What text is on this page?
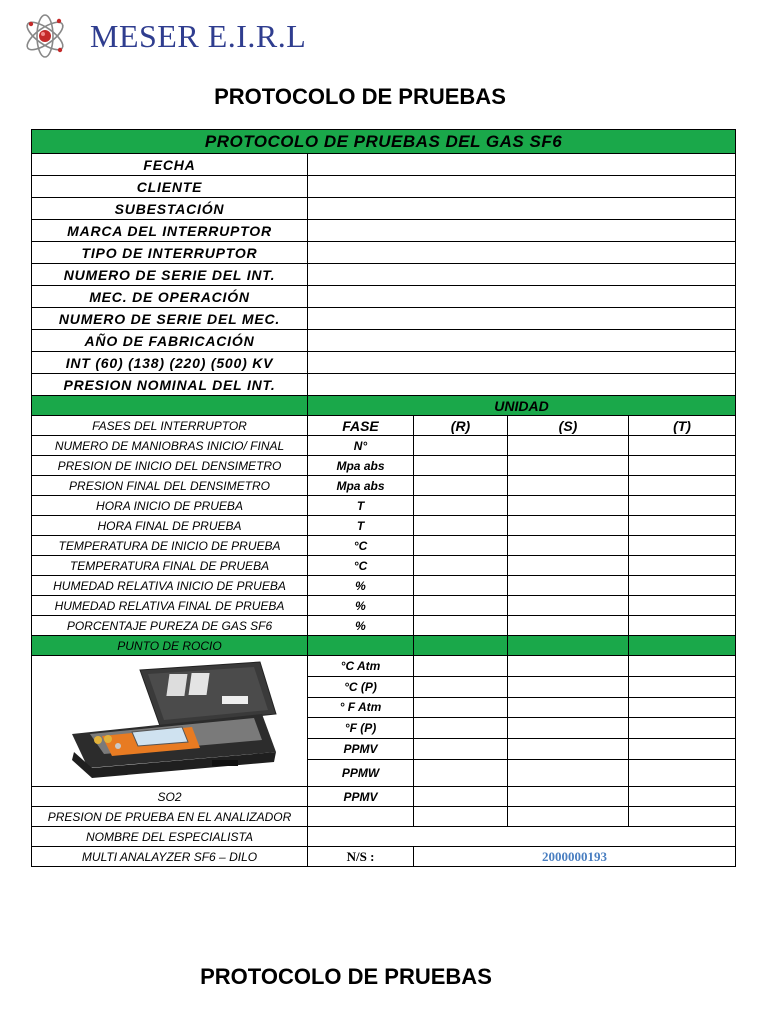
MESER E.I.R.L
PROTOCOLO DE PRUEBAS
PROTOCOLO DE PRUEBAS DEL GAS SF6				
FECHA				
CLIENTE				
SUBESTACIÓN				
MARCA DEL INTERRUPTOR				
TIPO DE INTERRUPTOR				
NUMERO DE SERIE DEL INT.				
MEC. DE OPERACIÓN				
NUMERO DE SERIE DEL MEC.				
AÑO DE FABRICACIÓN				
INT (60) (138) (220) (500) KV				
PRESION NOMINAL DEL INT.				
	UNIDAD			
FASES DEL INTERRUPTOR	FASE	(R)	(S)	(T)
NUMERO DE MANIOBRAS INICIO/ FINAL	N°			
PRESION DE INICIO DEL DENSIMETRO	Mpa abs			
PRESION FINAL DEL DENSIMETRO	Mpa abs			
HORA INICIO DE PRUEBA	T			
HORA FINAL DE PRUEBA	T			
TEMPERATURA DE INICIO DE PRUEBA	°C			
TEMPERATURA FINAL DE PRUEBA	°C			
HUMEDAD RELATIVA INICIO DE PRUEBA	%			
HUMEDAD RELATIVA FINAL DE PRUEBA	%			
PORCENTAJE PUREZA DE GAS SF6	%			
PUNTO DE ROCIO				
	°C Atm			
	°C (P)			
	° F Atm			
	°F (P)			
	PPMV			
	PPMW			
SO2	PPMV			
PRESION DE PRUEBA EN EL ANALIZADOR				
NOMBRE DEL ESPECIALISTA				
MULTI ANALAYZER SF6 – DILO	N/S :	2000000193		
PROTOCOLO DE PRUEBAS
